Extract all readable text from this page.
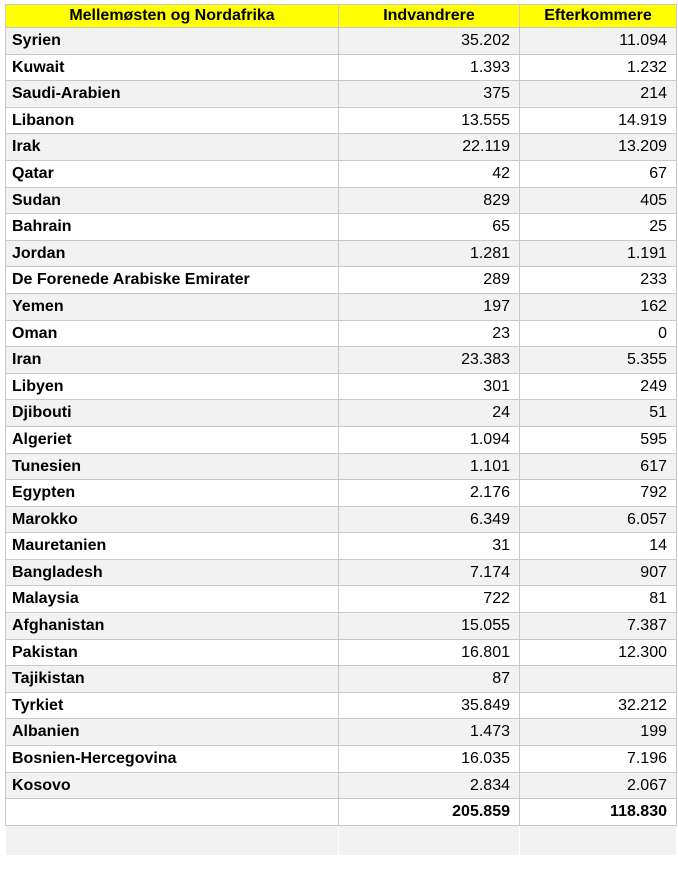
Mellemøsten og Nordafrika	Indvandrere	Efterkommere
Syrien	35.202	11.094
Kuwait	1.393	1.232
Saudi-Arabien	375	214
Libanon	13.555	14.919
Irak	22.119	13.209
Qatar	42	67
Sudan	829	405
Bahrain	65	25
Jordan	1.281	1.191
De Forenede Arabiske Emirater	289	233
Yemen	197	162
Oman	23	0
Iran	23.383	5.355
Libyen	301	249
Djibouti	24	51
Algeriet	1.094	595
Tunesien	1.101	617
Egypten	2.176	792
Marokko	6.349	6.057
Mauretanien	31	14
Bangladesh	7.174	907
Malaysia	722	81
Afghanistan	15.055	7.387
Pakistan	16.801	12.300
Tajikistan	87	
Tyrkiet	35.849	32.212
Albanien	1.473	199
Bosnien-Hercegovina	16.035	7.196
Kosovo	2.834	2.067
	205.859	118.830
